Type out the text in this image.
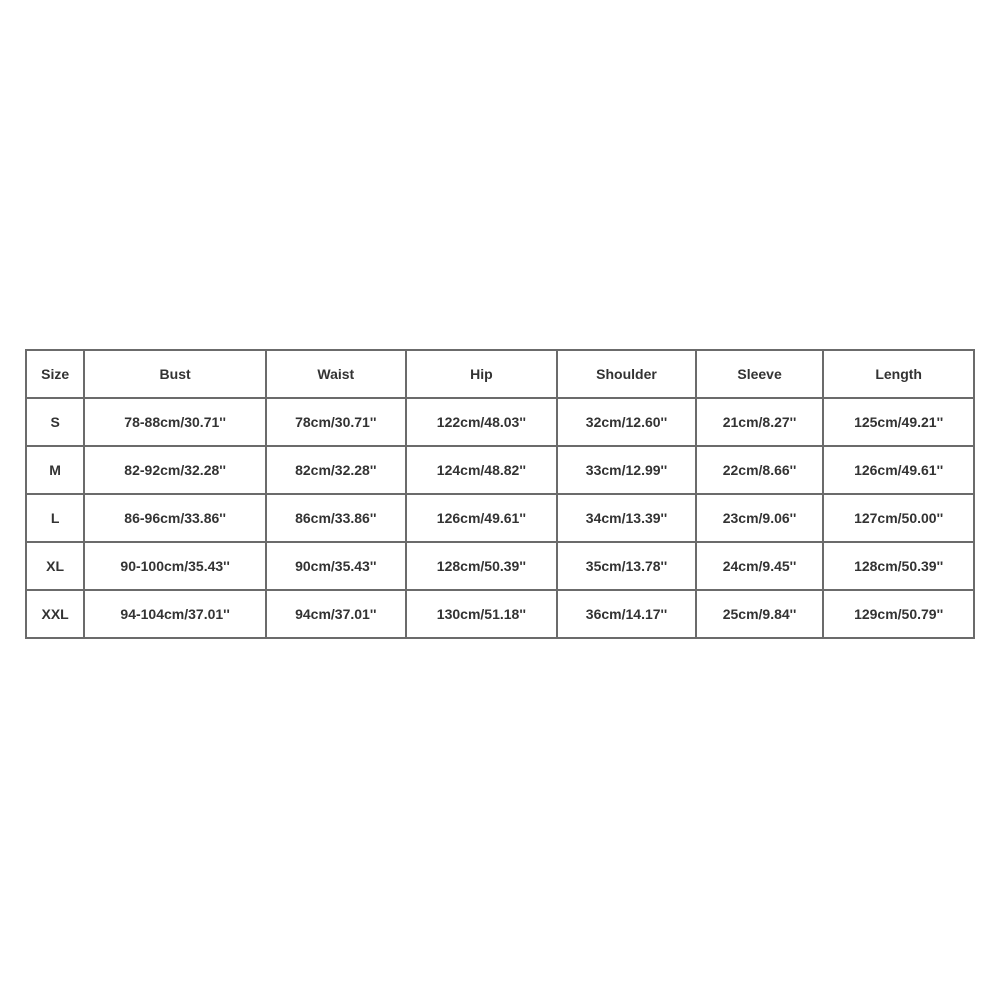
Size	Bust	Waist	Hip	Shoulder	Sleeve	Length
S	78-88cm/30.71''	78cm/30.71''	122cm/48.03''	32cm/12.60''	21cm/8.27''	125cm/49.21''
M	82-92cm/32.28''	82cm/32.28''	124cm/48.82''	33cm/12.99''	22cm/8.66''	126cm/49.61''
L	86-96cm/33.86''	86cm/33.86''	126cm/49.61''	34cm/13.39''	23cm/9.06''	127cm/50.00''
XL	90-100cm/35.43''	90cm/35.43''	128cm/50.39''	35cm/13.78''	24cm/9.45''	128cm/50.39''
XXL	94-104cm/37.01''	94cm/37.01''	130cm/51.18''	36cm/14.17''	25cm/9.84''	129cm/50.79''
